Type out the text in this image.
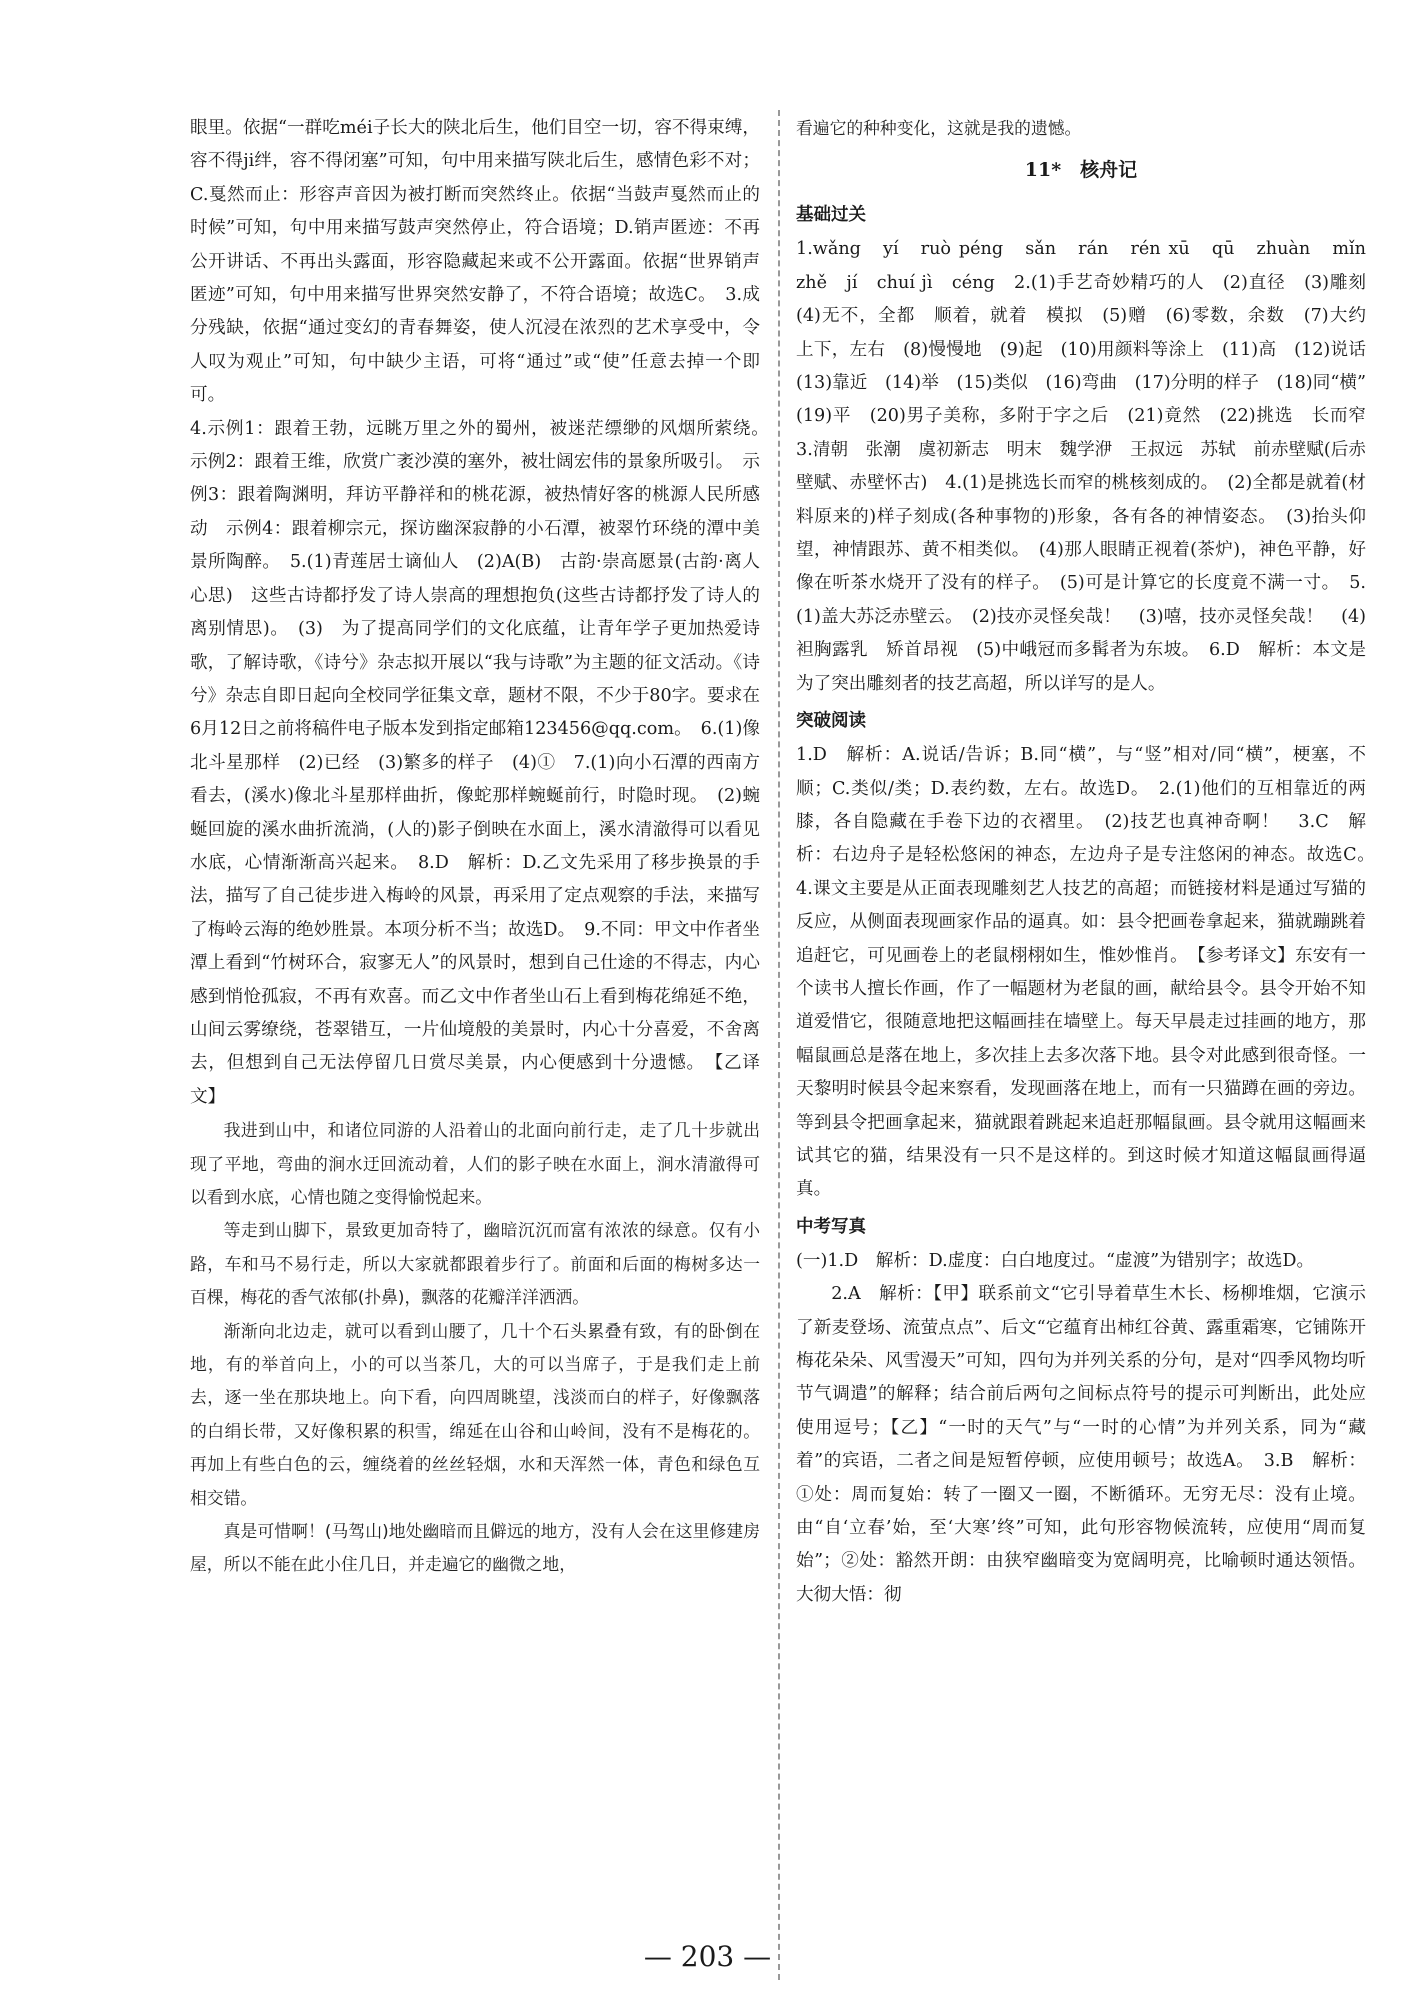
眼里。依据“一群吃méi子长大的陕北后生，他们目空一切，容不得束缚，容不得ji绊，容不得闭塞”可知，句中用来描写陕北后生，感情色彩不对；C.戛然而止：形容声音因为被打断而突然终止。依据“当鼓声戛然而止的时候”可知，句中用来描写鼓声突然停止，符合语境；D.销声匿迹：不再公开讲话、不再出头露面，形容隐藏起来或不公开露面。依据“世界销声匿迹”可知，句中用来描写世界突然安静了，不符合语境；故选C。　3.成分残缺，依据“通过变幻的青春舞姿，使人沉浸在浓烈的艺术享受中，令人叹为观止”可知，句中缺少主语，可将“通过”或“使”任意去掉一个即可。

4.示例1：跟着王勃，远眺万里之外的蜀州，被迷茫缥缈的风烟所萦绕。　示例2：跟着王维，欣赏广袤沙漠的塞外，被壮阔宏伟的景象所吸引。　示例3：跟着陶渊明，拜访平静祥和的桃花源，被热情好客的桃源人民所感动　示例4：跟着柳宗元，探访幽深寂静的小石潭，被翠竹环绕的潭中美景所陶醉。　5.(1)青莲居士谪仙人　(2)A(B)　古韵·崇高愿景(古韵·离人心思)　这些古诗都抒发了诗人崇高的理想抱负(这些古诗都抒发了诗人的离别情思)。　(3)　为了提高同学们的文化底蕴，让青年学子更加热爱诗歌，了解诗歌，《诗兮》杂志拟开展以“我与诗歌”为主题的征文活动。《诗兮》杂志自即日起向全校同学征集文章，题材不限，不少于80字。要求在6月12日之前将稿件电子版本发到指定邮箱123456@qq.com。　6.(1)像北斗星那样　(2)已经　(3)繁多的样子　(4)①　7.(1)向小石潭的西南方看去，(溪水)像北斗星那样曲折，像蛇那样蜿蜒前行，时隐时现。　(2)蜿蜒回旋的溪水曲折流淌，(人的)影子倒映在水面上，溪水清澈得可以看见水底，心情渐渐高兴起来。　8.D　解析：D.乙文先采用了移步换景的手法，描写了自己徒步进入梅岭的风景，再采用了定点观察的手法，来描写了梅岭云海的绝妙胜景。本项分析不当；故选D。　9.不同：甲文中作者坐潭上看到“竹树环合，寂寥无人”的风景时，想到自己仕途的不得志，内心感到悄怆孤寂，不再有欢喜。而乙文中作者坐山石上看到梅花绵延不绝，山间云雾缭绕，苍翠错互，一片仙境般的美景时，内心十分喜爱，不舍离去，但想到自己无法停留几日赏尽美景，内心便感到十分遗憾。　【乙译文】

我进到山中，和诸位同游的人沿着山的北面向前行走，走了几十步就出现了平地，弯曲的涧水迂回流动着，人们的影子映在水面上，涧水清澈得可以看到水底，心情也随之变得愉悦起来。

等走到山脚下，景致更加奇特了，幽暗沉沉而富有浓浓的绿意。仅有小路，车和马不易行走，所以大家就都跟着步行了。前面和后面的梅树多达一百棵，梅花的香气浓郁(扑鼻)，飘落的花瓣洋洋洒洒。

渐渐向北边走，就可以看到山腰了，几十个石头累叠有致，有的卧倒在地，有的举首向上，小的可以当茶几，大的可以当席子，于是我们走上前去，逐一坐在那块地上。向下看，向四周眺望，浅淡而白的样子，好像飘落的白绢长带，又好像积累的积雪，绵延在山谷和山岭间，没有不是梅花的。再加上有些白色的云，缠绕着的丝丝轻烟，水和天浑然一体，青色和绿色互相交错。

真是可惜啊！(马驾山)地处幽暗而且僻远的地方，没有人会在这里修建房屋，所以不能在此小住几日，并走遍它的幽微之地，

看遍它的种种变化，这就是我的遗憾。

11*　核舟记

基础过关

1.wǎng　yí　ruò péng　sǎn　rán　rén xū　qū　zhuàn　mǐn　zhě　jí　chuí jì　céng　2.(1)手艺奇妙精巧的人　(2)直径　(3)雕刻　(4)无不，全都　顺着，就着　模拟　(5)赠　(6)零数，余数　(7)大约　上下，左右　(8)慢慢地　(9)起　(10)用颜料等涂上　(11)高　(12)说话　(13)靠近　(14)举　(15)类似　(16)弯曲　(17)分明的样子　(18)同“横”　(19)平　(20)男子美称，多附于字之后　(21)竟然　(22)挑选　长而窄　3.清朝　张潮　虞初新志　明末　魏学洢　王叔远　苏轼　前赤壁赋(后赤壁赋、赤壁怀古)　4.(1)是挑选长而窄的桃核刻成的。　(2)全都是就着(材料原来的)样子刻成(各种事物的)形象，各有各的神情姿态。　(3)抬头仰望，神情跟苏、黄不相类似。　(4)那人眼睛正视着(茶炉)，神色平静，好像在听茶水烧开了没有的样子。　(5)可是计算它的长度竟不满一寸。　5.(1)盖大苏泛赤壁云。　(2)技亦灵怪矣哉！　(3)嘻，技亦灵怪矣哉！　(4)袒胸露乳　矫首昂视　(5)中峨冠而多髯者为东坡。　6.D　解析：本文是为了突出雕刻者的技艺高超，所以详写的是人。

突破阅读

1.D　解析：A.说话/告诉；B.同“横”，与“竖”相对/同“横”，梗塞，不顺；C.类似/类；D.表约数，左右。故选D。　2.(1)他们的互相靠近的两膝，各自隐藏在手卷下边的衣褶里。　(2)技艺也真神奇啊！　3.C　解析：右边舟子是轻松悠闲的神态，左边舟子是专注悠闲的神态。故选C。　4.课文主要是从正面表现雕刻艺人技艺的高超；而链接材料是通过写猫的反应，从侧面表现画家作品的逼真。如：县令把画卷拿起来，猫就蹦跳着追赶它，可见画卷上的老鼠栩栩如生，惟妙惟肖。　【参考译文】东安有一个读书人擅长作画，作了一幅题材为老鼠的画，献给县令。县令开始不知道爱惜它，很随意地把这幅画挂在墙壁上。每天早晨走过挂画的地方，那幅鼠画总是落在地上，多次挂上去多次落下地。县令对此感到很奇怪。一天黎明时候县令起来察看，发现画落在地上，而有一只猫蹲在画的旁边。等到县令把画拿起来，猫就跟着跳起来追赶那幅鼠画。县令就用这幅画来试其它的猫，结果没有一只不是这样的。到这时候才知道这幅鼠画得逼真。

中考写真

(一)1.D　解析：D.虚度：白白地度过。“虚渡”为错别字；故选D。

2.A　解析：【甲】联系前文“它引导着草生木长、杨柳堆烟，它演示了新麦登场、流萤点点”、后文“它蕴育出柿红谷黄、露重霜寒，它铺陈开梅花朵朵、风雪漫天”可知，四句为并列关系的分句，是对“四季风物均听节气调遣”的解释；结合前后两句之间标点符号的提示可判断出，此处应使用逗号；【乙】“一时的天气”与“一时的心情”为并列关系，同为“藏着”的宾语，二者之间是短暂停顿，应使用顿号；故选A。　3.B　解析：①处：周而复始：转了一圈又一圈，不断循环。无穷无尽：没有止境。由“自‘立春’始，至‘大寒’终”可知，此句形容物候流转，应使用“周而复始”；②处：豁然开朗：由狭窄幽暗变为宽阔明亮，比喻顿时通达领悟。大彻大悟：彻

— 203 —
